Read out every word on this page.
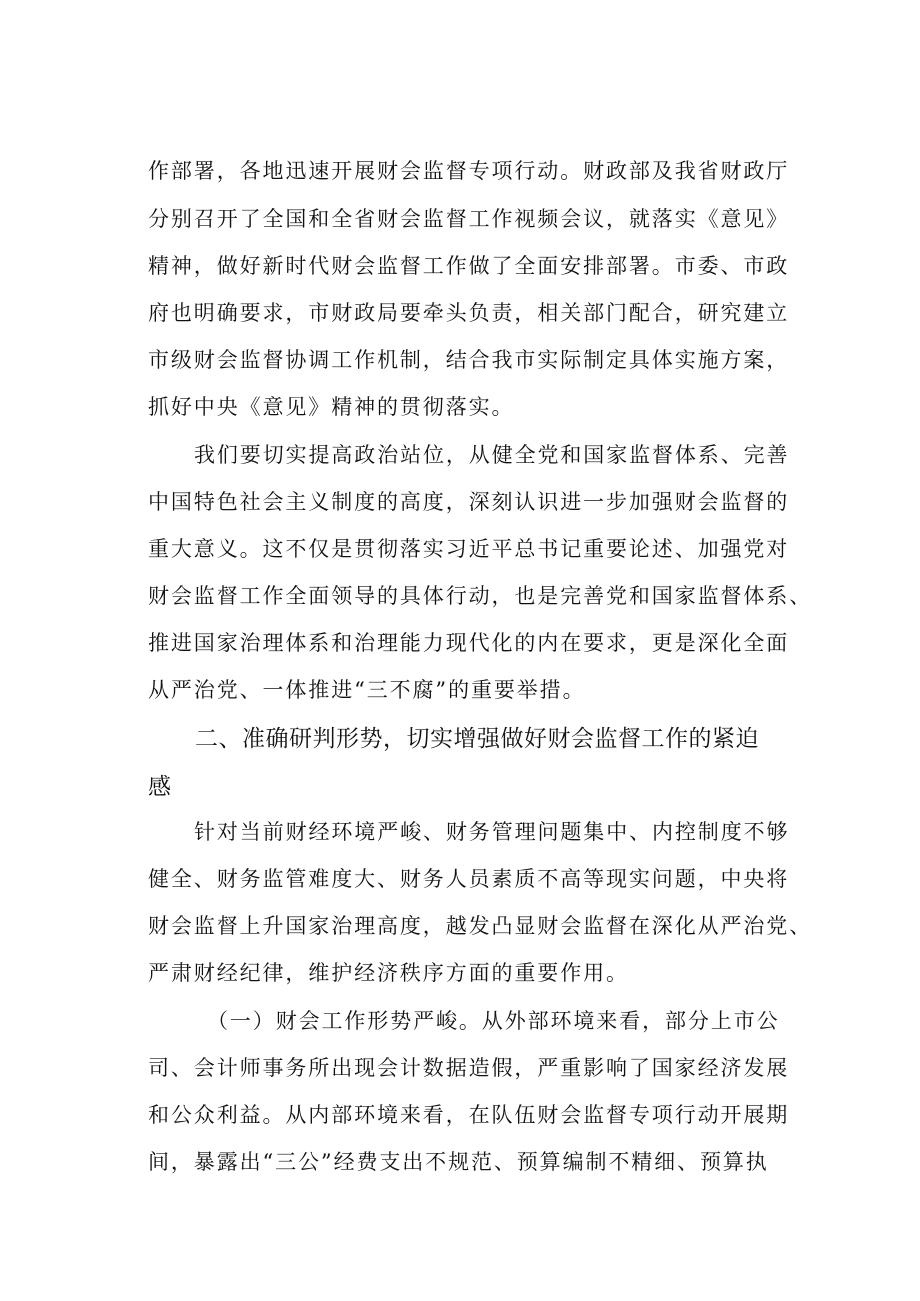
作部署，各地迅速开展财会监督专项行动。财政部及我省财政厅
分别召开了全国和全省财会监督工作视频会议，就落实《意见》
精神，做好新时代财会监督工作做了全面安排部署。市委、市政
府也明确要求，市财政局要牵头负责，相关部门配合，研究建立
市级财会监督协调工作机制，结合我市实际制定具体实施方案，
抓好中央《意见》精神的贯彻落实。
我们要切实提高政治站位，从健全党和国家监督体系、完善
中国特色社会主义制度的高度，深刻认识进一步加强财会监督的
重大意义。这不仅是贯彻落实习近平总书记重要论述、加强党对
财会监督工作全面领导的具体行动，也是完善党和国家监督体系、
推进国家治理体系和治理能力现代化的内在要求，更是深化全面
从严治党、一体推进“三不腐”的重要举措。
二、准确研判形势，切实增强做好财会监督工作的紧迫
感
针对当前财经环境严峻、财务管理问题集中、内控制度不够
健全、财务监管难度大、财务人员素质不高等现实问题，中央将
财会监督上升国家治理高度，越发凸显财会监督在深化从严治党、
严肃财经纪律，维护经济秩序方面的重要作用。
（一）财会工作形势严峻。从外部环境来看，部分上市公
司、会计师事务所出现会计数据造假，严重影响了国家经济发展
和公众利益。从内部环境来看，在队伍财会监督专项行动开展期
间，暴露出“三公”经费支出不规范、预算编制不精细、预算执
